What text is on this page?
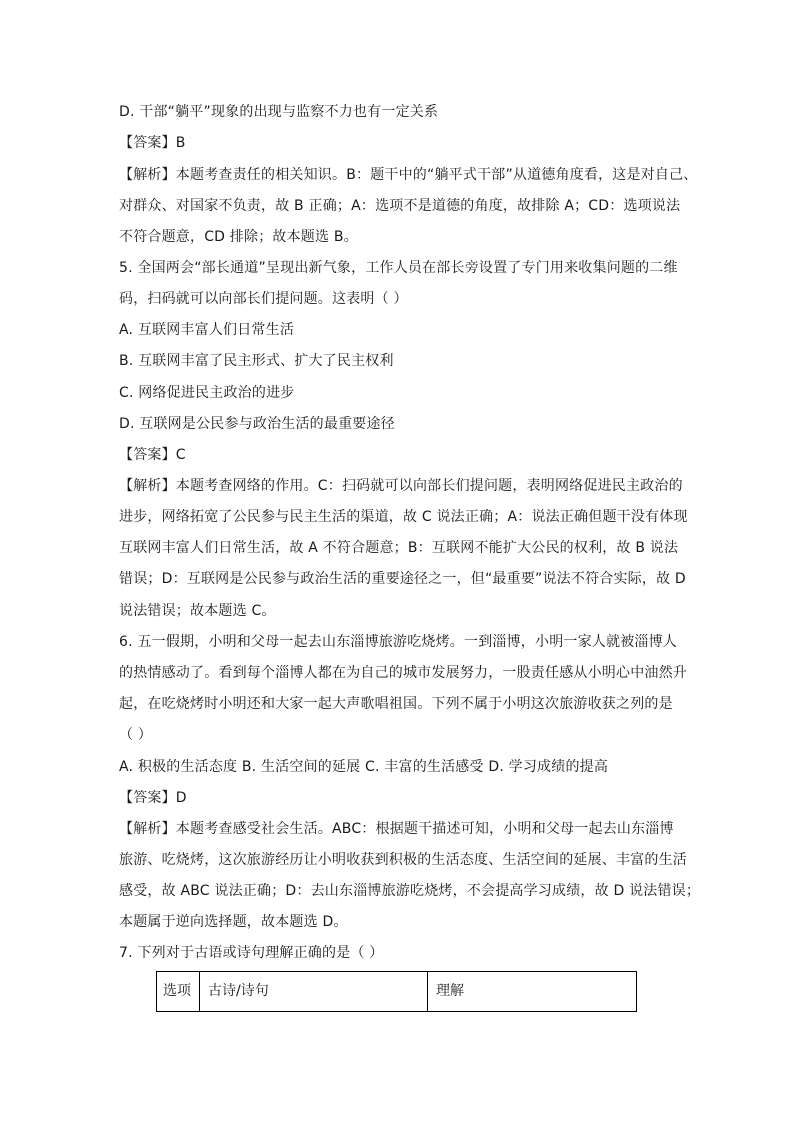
D. 干部“躺平”现象的出现与监察不力也有一定关系
【答案】B
【解析】本题考查责任的相关知识。B：题干中的“躺平式干部”从道德角度看，这是对自己、
对群众、对国家不负责，故 B 正确；A：选项不是道德的角度，故排除 A；CD：选项说法
不符合题意，CD 排除；故本题选 B。
5. 全国两会“部长通道”呈现出新气象，工作人员在部长旁设置了专门用来收集问题的二维
码，扫码就可以向部长们提问题。这表明（ ）
A. 互联网丰富人们日常生活
B. 互联网丰富了民主形式、扩大了民主权利
C. 网络促进民主政治的进步
D. 互联网是公民参与政治生活的最重要途径
【答案】C
【解析】本题考查网络的作用。C：扫码就可以向部长们提问题，表明网络促进民主政治的
进步，网络拓宽了公民参与民主生活的渠道，故 C 说法正确；A：说法正确但题干没有体现
互联网丰富人们日常生活，故 A 不符合题意；B：互联网不能扩大公民的权利，故 B 说法
错误；D：互联网是公民参与政治生活的重要途径之一，但“最重要”说法不符合实际，故 D
说法错误；故本题选 C。
6. 五一假期，小明和父母一起去山东淄博旅游吃烧烤。一到淄博，小明一家人就被淄博人
的热情感动了。看到每个淄博人都在为自己的城市发展努力，一股责任感从小明心中油然升
起，在吃烧烤时小明还和大家一起大声歌唱祖国。下列不属于小明这次旅游收获之列的是
（ ）
A. 积极的生活态度 B. 生活空间的延展 C. 丰富的生活感受 D. 学习成绩的提高
【答案】D
【解析】本题考查感受社会生活。ABC：根据题干描述可知，小明和父母一起去山东淄博
旅游、吃烧烤，这次旅游经历让小明收获到积极的生活态度、生活空间的延展、丰富的生活
感受，故 ABC 说法正确；D：去山东淄博旅游吃烧烤，不会提高学习成绩，故 D 说法错误；
本题属于逆向选择题，故本题选 D。
7. 下列对于古语或诗句理解正确的是（ ）
选项	古诗/诗句	理解
